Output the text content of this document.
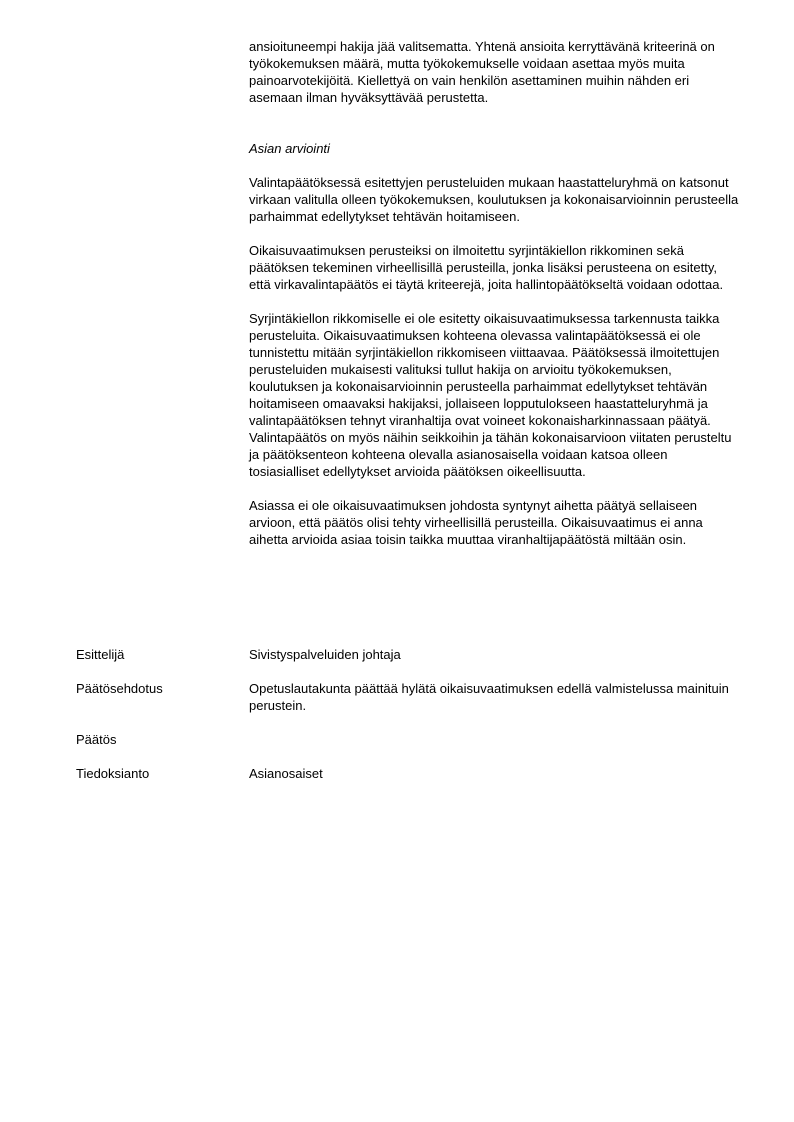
ansioituneempi hakija jää valitsematta. Yhtenä ansioita kerryttävänä kriteerinä on työkokemuksen määrä, mutta työkokemukselle voidaan asettaa myös muita painoarvotekijöitä. Kiellettyä on vain henkilön asettaminen muihin nähden eri asemaan ilman hyväksyttävää perustetta.

Asian arviointi

Valintapäätöksessä esitettyjen perusteluiden mukaan haastatteluryhmä on katsonut virkaan valitulla olleen työkokemuksen, koulutuksen ja kokonaisarvioinnin perusteella parhaimmat edellytykset tehtävän hoitamiseen.

Oikaisuvaatimuksen perusteiksi on ilmoitettu syrjintäkiellon rikkominen sekä päätöksen tekeminen virheellisillä perusteilla, jonka lisäksi perusteena on esitetty, että virkavalintapäätös ei täytä kriteerejä, joita hallintopäätökseltä voidaan odottaa.

Syrjintäkiellon rikkomiselle ei ole esitetty oikaisuvaatimuksessa tarkennusta taikka perusteluita. Oikaisuvaatimuksen kohteena olevassa valintapäätöksessä ei ole tunnistettu mitään syrjintäkiellon rikkomiseen viittaavaa. Päätöksessä ilmoitettujen perusteluiden mukaisesti valituksi tullut hakija on arvioitu työkokemuksen, koulutuksen ja kokonaisarvioinnin perusteella parhaimmat edellytykset tehtävän hoitamiseen omaavaksi hakijaksi, jollaiseen lopputulokseen haastatteluryhmä ja valintapäätöksen tehnyt viranhaltija ovat voineet kokonaisharkinnassaan päätyä. Valintapäätös on myös näihin seikkoihin ja tähän kokonaisarvioon viitaten perusteltu ja päätöksenteon kohteena olevalla asianosaisella voidaan katsoa olleen tosiasialliset edellytykset arvioida päätöksen oikeellisuutta.

Asiassa ei ole oikaisuvaatimuksen johdosta syntynyt aihetta päätyä sellaiseen arvioon, että päätös olisi tehty virheellisillä perusteilla. Oikaisuvaatimus ei anna aihetta arvioida asiaa toisin taikka muuttaa viranhaltijapäätöstä miltään osin.

Esittelijä	Sivistyspalveluiden johtaja
Päätösehdotus	Opetuslautakunta päättää hylätä oikaisuvaatimuksen edellä valmistelussa mainituin perustein.
Päätös
Tiedoksianto	Asianosaiset
